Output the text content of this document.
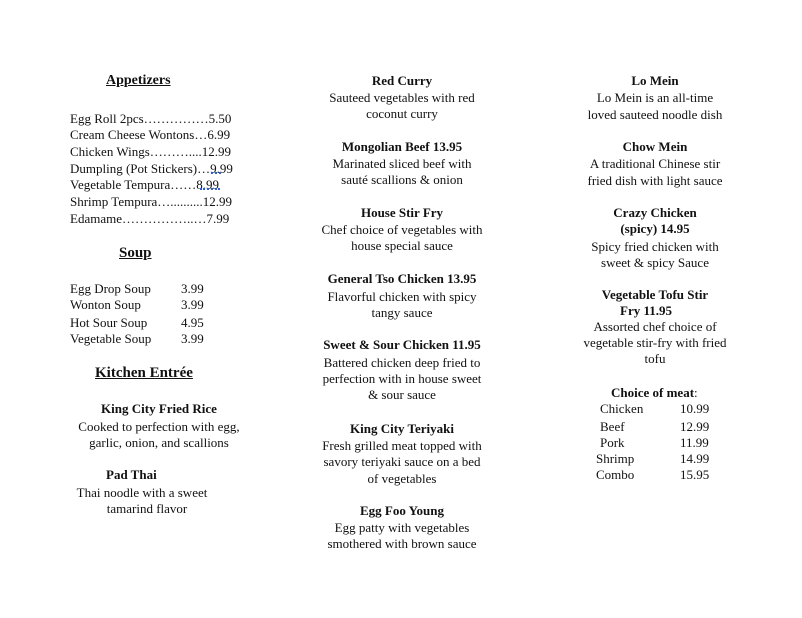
Appetizers
Egg Roll 2pcs……………5.50
Cream Cheese Wontons…6.99
Chicken Wings………....12.99
Dumpling (Pot Stickers)…9.99
Vegetable Tempura……8.99
Shrimp Tempura…..........12.99
Edamame……………..…7.99
Soup
Egg Drop Soup 3.99
Wonton Soup	3.99
Hot Sour Soup	4.95
Vegetable Soup 3.99
Kitchen Entrée
King City Fried Rice
Cooked to perfection with egg,
garlic, onion, and scallions
Pad Thai
Thai noodle with a sweet
tamarind flavor
Red Curry
Sauteed vegetables with red
coconut curry
Mongolian Beef 13.95
Marinated sliced beef with
sauté scallions & onion
House Stir Fry
Chef choice of vegetables with
house special sauce
General Tso Chicken 13.95
Flavorful chicken with spicy
tangy sauce
Sweet & Sour Chicken 11.95
Battered chicken deep fried to
perfection with in house sweet
& sour sauce
King City Teriyaki
Fresh grilled meat topped with
savory teriyaki sauce on a bed
of vegetables
Egg Foo Young
Egg patty with vegetables
smothered with brown sauce
Lo Mein
Lo Mein is an all-time
loved sauteed noodle dish
Chow Mein
A traditional Chinese stir
fried dish with light sauce
Crazy Chicken
(spicy) 14.95
Spicy fried chicken with
sweet & spicy Sauce
Vegetable Tofu Stir
Fry 11.95
Assorted chef choice of
vegetable stir-fry with fried
tofu
Choice of meat:
Chicken	10.99
Beef	12.99
Pork	11.99
Shrimp	14.99
Combo	15.95
